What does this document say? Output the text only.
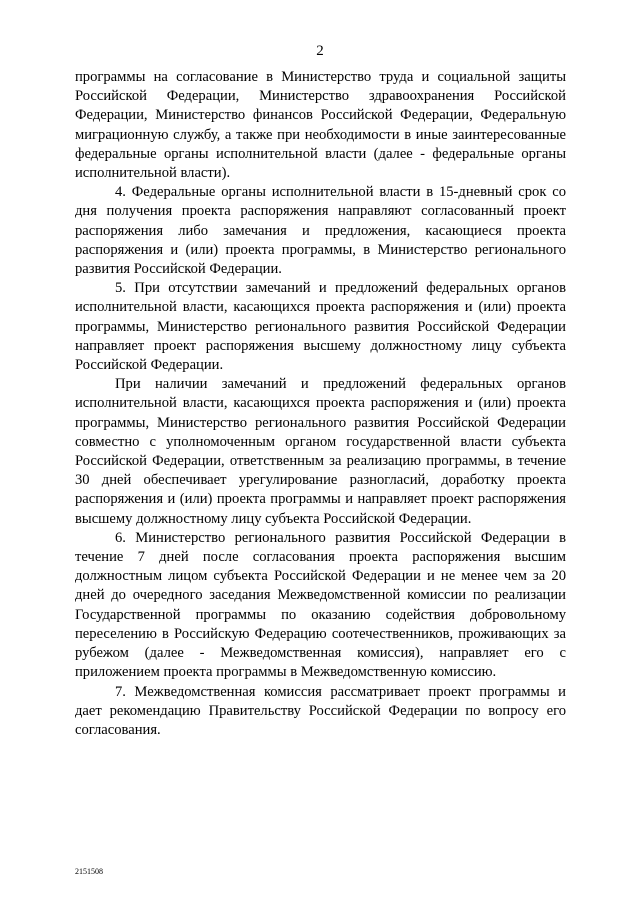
2

программы на согласование в Министерство труда и социальной защиты Российской Федерации, Министерство здравоохранения Российской Федерации, Министерство финансов Российской Федерации, Федеральную миграционную службу, а также при необходимости в иные заинтересованные федеральные органы исполнительной власти (далее - федеральные органы исполнительной власти).

4. Федеральные органы исполнительной власти в 15-дневный срок со дня получения проекта распоряжения направляют согласованный проект распоряжения либо замечания и предложения, касающиеся проекта распоряжения и (или) проекта программы, в Министерство регионального развития Российской Федерации.

5. При отсутствии замечаний и предложений федеральных органов исполнительной власти, касающихся проекта распоряжения и (или) проекта программы, Министерство регионального развития Российской Федерации направляет проект распоряжения высшему должностному лицу субъекта Российской Федерации.

При наличии замечаний и предложений федеральных органов исполнительной власти, касающихся проекта распоряжения и (или) проекта программы, Министерство регионального развития Российской Федерации совместно с уполномоченным органом государственной власти субъекта Российской Федерации, ответственным за реализацию программы, в течение 30 дней обеспечивает урегулирование разногласий, доработку проекта распоряжения и (или) проекта программы и направляет проект распоряжения высшему должностному лицу субъекта Российской Федерации.

6. Министерство регионального развития Российской Федерации в течение 7 дней после согласования проекта распоряжения высшим должностным лицом субъекта Российской Федерации и не менее чем за 20 дней до очередного заседания Межведомственной комиссии по реализации Государственной программы по оказанию содействия добровольному переселению в Российскую Федерацию соотечественников, проживающих за рубежом (далее - Межведомственная комиссия), направляет его с приложением проекта программы в Межведомственную комиссию.

7. Межведомственная комиссия рассматривает проект программы и дает рекомендацию Правительству Российской Федерации по вопросу его согласования.

2151508
